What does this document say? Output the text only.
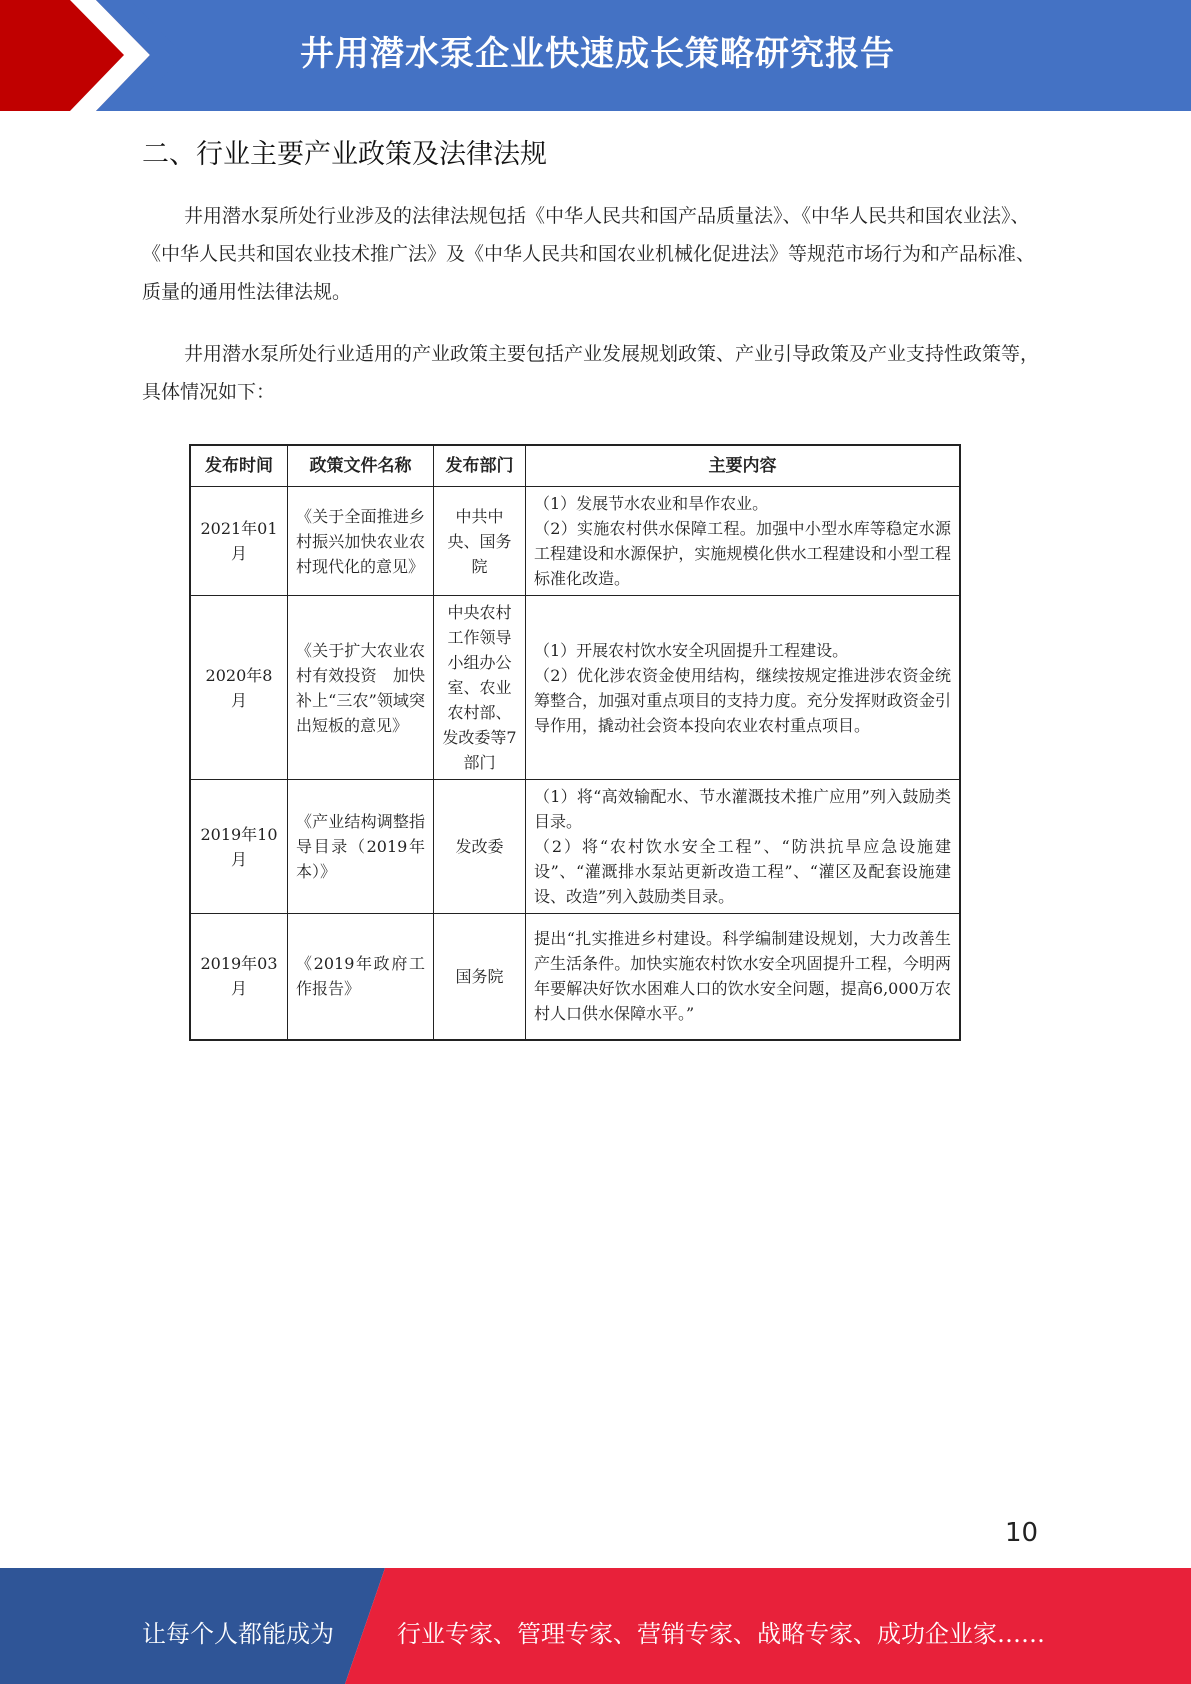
井用潜水泵企业快速成长策略研究报告
二、行业主要产业政策及法律法规

井用潜水泵所处行业涉及的法律法规包括《中华人民共和国产品质量法》、《中华人民共和国农业法》、《中华人民共和国农业技术推广法》及《中华人民共和国农业机械化促进法》等规范市场行为和产品标准、质量的通用性法律法规。

井用潜水泵所处行业适用的产业政策主要包括产业发展规划政策、产业引导政策及产业支持性政策等，具体情况如下：

发布时间	政策文件名称	发布部门	主要内容
2021年01月	《关于全面推进乡村振兴加快农业农村现代化的意见》	中共中央、国务院	（1）发展节水农业和旱作农业。
（2）实施农村供水保障工程。加强中小型水库等稳定水源工程建设和水源保护，实施规模化供水工程建设和小型工程标准化改造。

2020年8月	《关于扩大农业农村有效投资　加快补上“三农”领域突出短板的意见》	中央农村工作领导小组办公室、农业农村部、发改委等7部门	（1）开展农村饮水安全巩固提升工程建设。
（2）优化涉农资金使用结构，继续按规定推进涉农资金统筹整合，加强对重点项目的支持力度。充分发挥财政资金引导作用，撬动社会资本投向农业农村重点项目。

2019年10月	《产业结构调整指导目录（2019年本）》	发改委	（1）将“高效输配水、节水灌溉技术推广应用”列入鼓励类目录。
（2）将“农村饮水安全工程”、“防洪抗旱应急设施建设”、“灌溉排水泵站更新改造工程”、“灌区及配套设施建设、改造”列入鼓励类目录。

2019年03月	《2019年政府工作报告》	国务院	提出“扎实推进乡村建设。科学编制建设规划，大力改善生产生活条件。加快实施农村饮水安全巩固提升工程，今明两年要解决好饮水困难人口的饮水安全问题，提高6,000万农村人口供水保障水平。”
10
让每个人都能成为	行业专家、管理专家、营销专家、战略专家、成功企业家……
